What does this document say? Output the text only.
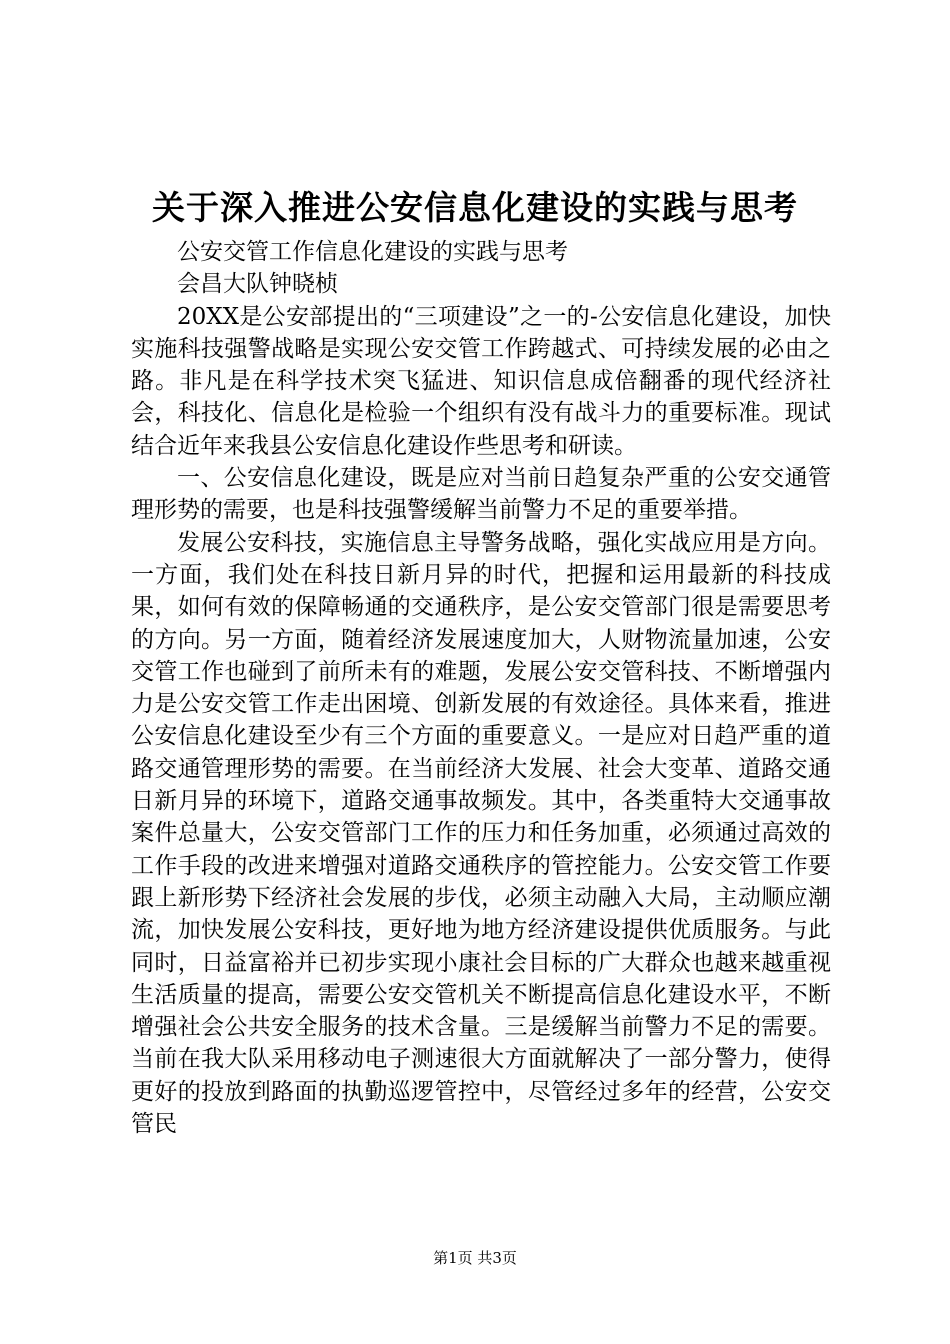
关于深入推进公安信息化建设的实践与思考

公安交管工作信息化建设的实践与思考

会昌大队钟晓桢

20XX是公安部提出的“三项建设”之一的-公安信息化建设，加快实施科技强警战略是实现公安交管工作跨越式、可持续发展的必由之路。非凡是在科学技术突飞猛进、知识信息成倍翻番的现代经济社会，科技化、信息化是检验一个组织有没有战斗力的重要标准。现试结合近年来我县公安信息化建设作些思考和研读。

一、公安信息化建设，既是应对当前日趋复杂严重的公安交通管理形势的需要，也是科技强警缓解当前警力不足的重要举措。

发展公安科技，实施信息主导警务战略，强化实战应用是方向。一方面，我们处在科技日新月异的时代，把握和运用最新的科技成果，如何有效的保障畅通的交通秩序，是公安交管部门很是需要思考的方向。另一方面，随着经济发展速度加大，人财物流量加速，公安交管工作也碰到了前所未有的难题，发展公安交管科技、不断增强内力是公安交管工作走出困境、创新发展的有效途径。具体来看，推进公安信息化建设至少有三个方面的重要意义。一是应对日趋严重的道路交通管理形势的需要。在当前经济大发展、社会大变革、道路交通日新月异的环境下，道路交通事故频发。其中，各类重特大交通事故案件总量大，公安交管部门工作的压力和任务加重，必须通过高效的工作手段的改进来增强对道路交通秩序的管控能力。公安交管工作要跟上新形势下经济社会发展的步伐，必须主动融入大局，主动顺应潮流，加快发展公安科技，更好地为地方经济建设提供优质服务。与此同时，日益富裕并已初步实现小康社会目标的广大群众也越来越重视生活质量的提高，需要公安交管机关不断提高信息化建设水平，不断增强社会公共安全服务的技术含量。三是缓解当前警力不足的需要。当前在我大队采用移动电子测速很大方面就解决了一部分警力，使得更好的投放到路面的执勤巡逻管控中，尽管经过多年的经营，公安交管民

第1页 共3页
